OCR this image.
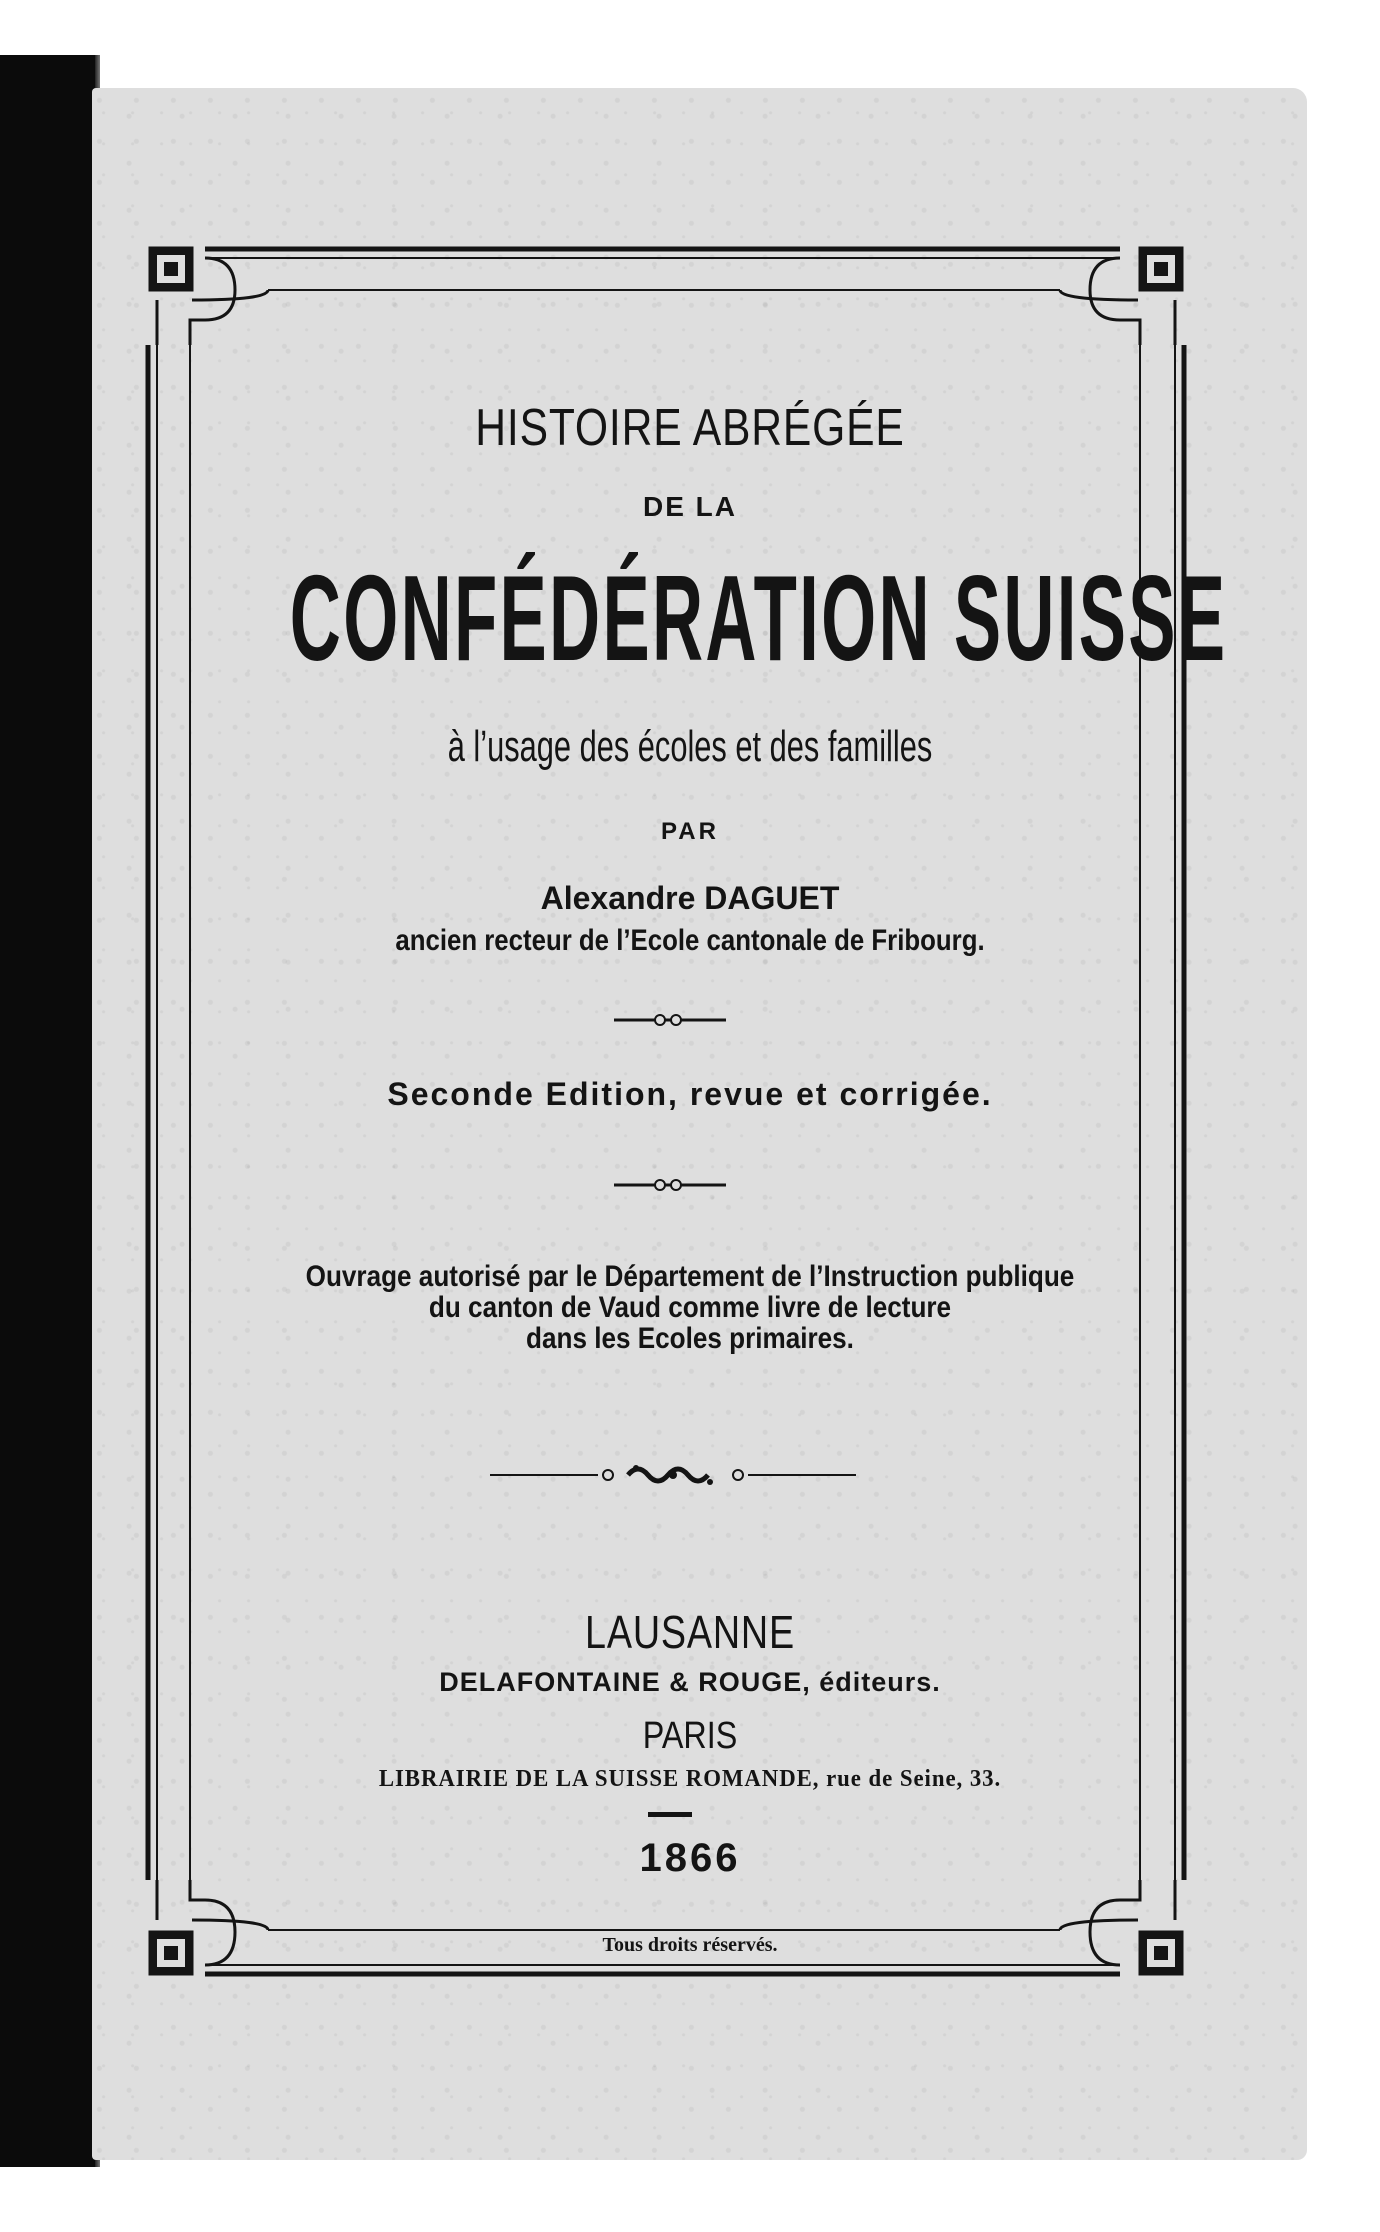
HISTOIRE ABRÉGÉE
DE LA
CONFÉDÉRATION SUISSE
à l’usage des écoles et des familles
PAR
Alexandre DAGUET
ancien recteur de l’Ecole cantonale de Fribourg.
Seconde Edition, revue et corrigée.
Ouvrage autorisé par le Département de l’Instruction publique
du canton de Vaud comme livre de lecture
dans les Ecoles primaires.
LAUSANNE
DELAFONTAINE & ROUGE, éditeurs.
PARIS
LIBRAIRIE DE LA SUISSE ROMANDE, rue de Seine, 33.
1866
Tous droits réservés.
